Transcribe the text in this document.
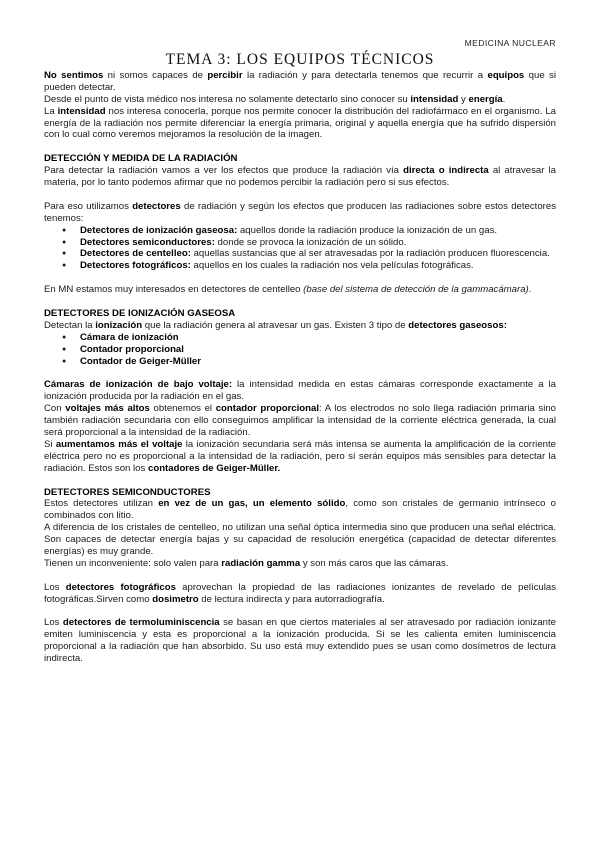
MEDICINA NUCLEAR
TEMA 3: LOS EQUIPOS TÉCNICOS

No sentimos ni somos capaces de percibir la radiación y para detectarla tenemos que recurrir a equipos que si pueden detectar.

Desde el punto de vista médico nos interesa no solamente detectarlo sino conocer su intensidad y energía.

La intensidad nos interesa conocerla, porque nos permite conocer la distribución del radiofármaco en el organismo. La energía de la radiación nos permite diferenciar la energía primaria, original y aquella energía que ha sufrido dispersión con lo cual como veremos mejoramos la resolución de la imagen.

DETECCIÓN Y MEDIDA DE LA RADIACIÓN

Para detectar la radiación vamos a ver los efectos que produce la radiación vía directa o indirecta al atravesar la materia, por lo tanto podemos afirmar que no podemos percibir la radiación pero si sus efectos.

Para eso utilizamos detectores de radiación y según los efectos que producen las radiaciones sobre estos detectores tenemos:

● Detectores de ionización gaseosa: aquellos donde la radiación produce la ionización de un gas.
● Detectores semiconductores: donde se provoca la ionización de un sólido.
● Detectores de centelleo: aquellas sustancias que al ser atravesadas por la radiación producen fluorescencia.
● Detectores fotográficos: aquellos en los cuales la radiación nos vela películas fotográficas.

En MN estamos muy interesados en detectores de centelleo (base del sistema de detección de la gammacámara).

DETECTORES DE IONIZACIÓN GASEOSA

Detectan la ionización que la radiación genera al atravesar un gas. Existen 3 tipo de detectores gaseosos:

● Cámara de ionización
● Contador proporcional
● Contador de Geiger-Müller

Cámaras de ionización de bajo voltaje: la intensidad medida en estas cámaras corresponde exactamente a la ionización producida por la radiación en el gas.

Con voltajes más altos obtenemos el contador proporcional: A los electrodos no solo llega radiación primaria sino también radiación secundaria con ello conseguimos amplificar la intensidad de la corriente eléctrica generada, la cual será proporcional a la intensidad de la radiación.

Si aumentamos más el voltaje la ionización secundaria será más intensa se aumenta la amplificación de la corriente eléctrica pero no es proporcional a la intensidad de la radiación, pero sí serán equipos más sensibles para detectar la radiación. Estos son los contadores de Geiger-Müller.

DETECTORES SEMICONDUCTORES

Estos detectores utilizan en vez de un gas, un elemento sólido, como son cristales de germanio intrínseco o combinados con litio.

A diferencia de los cristales de centelleo, no utilizan una señal óptica intermedia sino que producen una señal eléctrica. Son capaces de detectar energía bajas y su capacidad de resolución energética (capacidad de detectar diferentes energías) es muy grande.

Tienen un inconveniente: solo valen para radiación gamma y son más caros que las cámaras.

Los detectores fotográficos aprovechan la propiedad de las radiaciones ionizantes de revelado de películas fotográficas.Sirven como dosimetro de lectura indirecta y para autorradiografía.

Los detectores de termoluminiscencia se basan en que ciertos materiales al ser atravesado por radiación ionizante emiten luminiscencia y esta es proporcional a la ionización producida. Si se les calienta emiten luminiscencia proporcional a la radiación que han absorbido. Su uso está muy extendido pues se usan como dosímetros de lectura indirecta.
